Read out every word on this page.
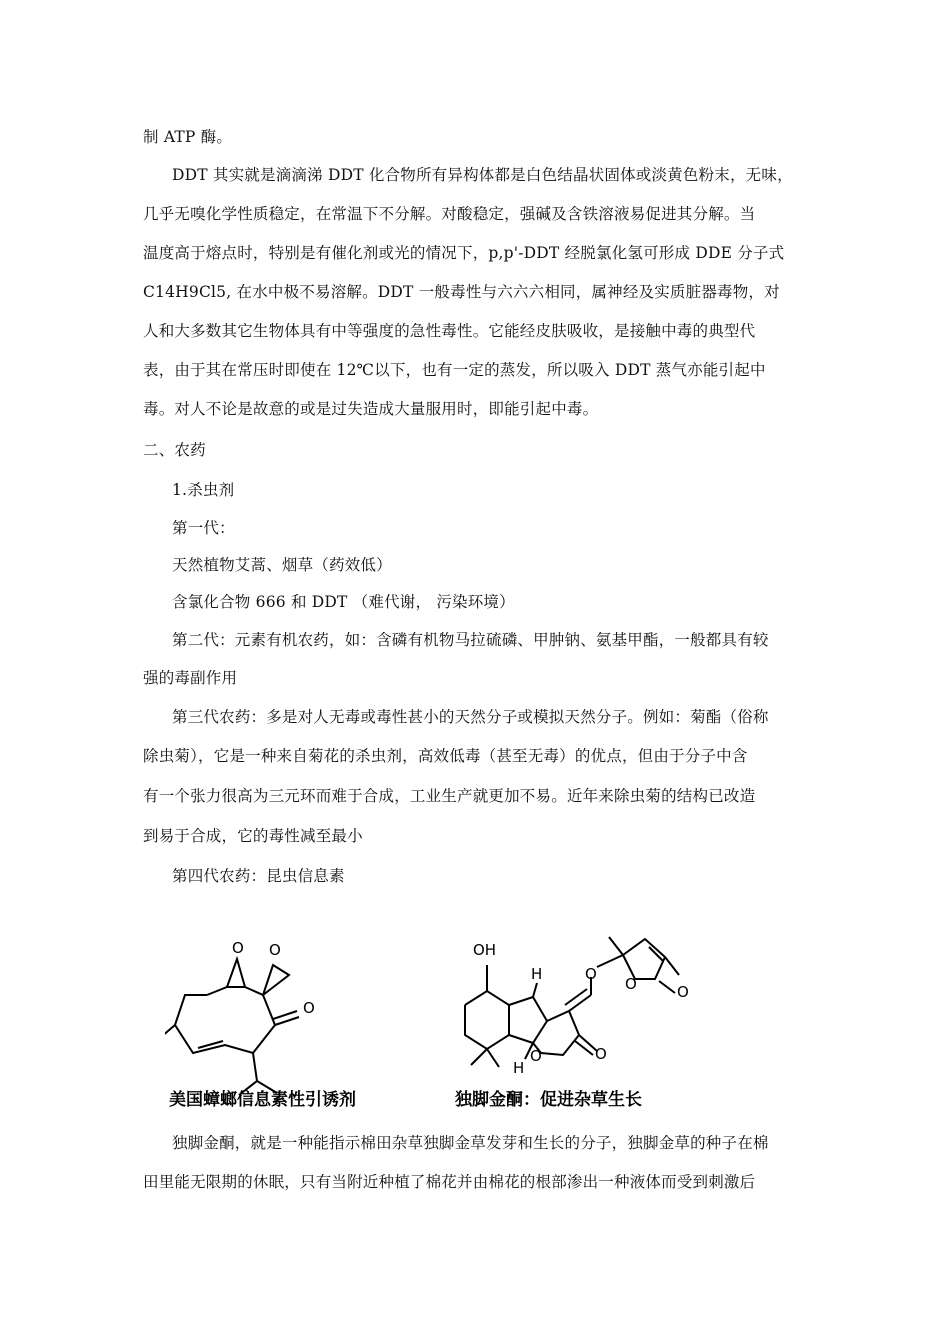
制 ATP 酶。
DDT 其实就是滴滴涕 DDT 化合物所有异构体都是白色结晶状固体或淡黄色粉末，无味，
几乎无嗅化学性质稳定，在常温下不分解。对酸稳定，强碱及含铁溶液易促进其分解。当
温度高于熔点时，特别是有催化剂或光的情况下，p,p'-DDT 经脱氯化氢可形成 DDE 分子式
C14H9Cl5, 在水中极不易溶解。DDT 一般毒性与六六六相同，属神经及实质脏器毒物，对
人和大多数其它生物体具有中等强度的急性毒性。它能经皮肤吸收，是接触中毒的典型代
表，由于其在常压时即使在 12℃以下，也有一定的蒸发，所以吸入 DDT 蒸气亦能引起中
毒。对人不论是故意的或是过失造成大量服用时，即能引起中毒。
二、农药
1.杀虫剂
第一代：
天然植物艾蒿、烟草（药效低）
含氯化合物 666 和 DDT （难代谢， 污染环境）
第二代：元素有机农药，如：含磷有机物马拉硫磷、甲肿钠、氨基甲酯，一般都具有较
强的毒副作用
第三代农药：多是对人无毒或毒性甚小的天然分子或模拟天然分子。例如：菊酯（俗称
除虫菊），它是一种来自菊花的杀虫剂，高效低毒（甚至无毒）的优点，但由于分子中含
有一个张力很高为三元环而难于合成，工业生产就更加不易。近年来除虫菊的结构已改造
到易于合成，它的毒性减至最小
第四代农药：昆虫信息素
O O
O
OH
H
H
O	O
O
O	O
美国蟑螂信息素性引诱剂	独脚金酮：促进杂草生长
独脚金酮，就是一种能指示棉田杂草独脚金草发芽和生长的分子，独脚金草的种子在棉
田里能无限期的休眠，只有当附近种植了棉花并由棉花的根部渗出一种液体而受到刺激后
